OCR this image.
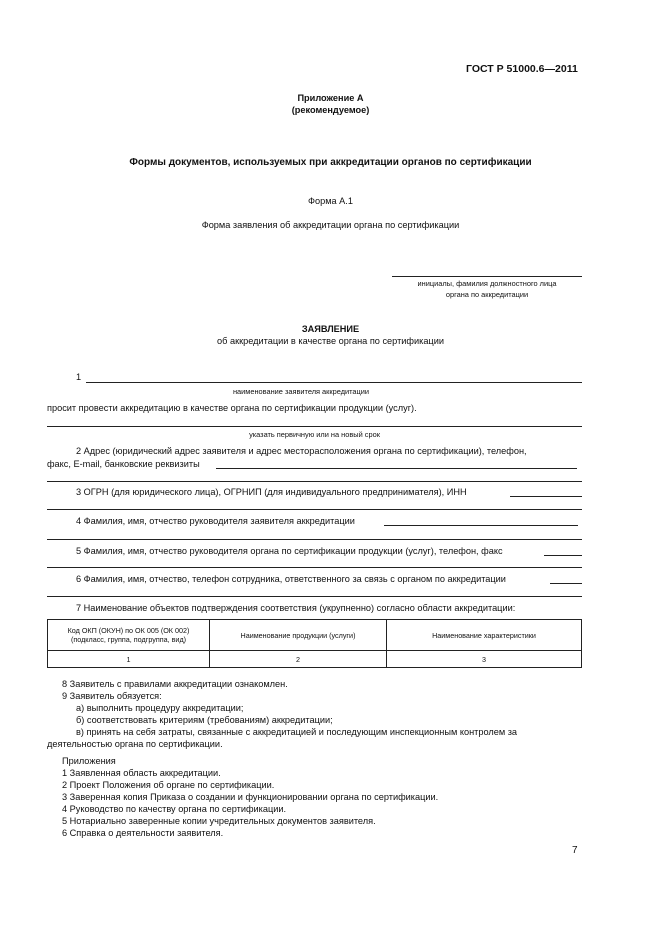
ГОСТ Р 51000.6—2011
Приложение А
(рекомендуемое)
Формы документов, используемых при аккредитации органов по сертификации
Форма А.1
Форма заявления об аккредитации органа по сертификации
инициалы, фамилия должностного лица
органа по аккредитации
ЗАЯВЛЕНИЕ
об аккредитации в качестве органа по сертификации
1
наименование заявителя аккредитации
просит провести аккредитацию в качестве органа по сертификации продукции (услуг).
указать первичную или на новый срок
2 Адрес (юридический адрес заявителя и адрес месторасположения органа по сертификации), телефон,
факс, E-mail, банковские реквизиты
3 ОГРН (для юридического лица), ОГРНИП (для индивидуального предпринимателя), ИНН
4 Фамилия, имя, отчество руководителя заявителя аккредитации
5 Фамилия, имя, отчество руководителя органа по сертификации продукции (услуг), телефон, факс
6 Фамилия, имя, отчество, телефон сотрудника, ответственного за связь с органом по аккредитации
7 Наименование объектов подтверждения соответствия (укрупненно) согласно области аккредитации:
Код ОКП (ОКУН) по ОК 005 (ОК 002) (подкласс, группа, подгруппа, вид)	Наименование продукции (услуги)	Наименование характеристики
1	2	3
8 Заявитель с правилами аккредитации ознакомлен.
9 Заявитель обязуется:
а) выполнить процедуру аккредитации;
б) соответствовать критериям (требованиям) аккредитации;
в) принять на себя затраты, связанные с аккредитацией и последующим инспекционным контролем за
деятельностью органа по сертификации.
Приложения
1 Заявленная область аккредитации.
2 Проект Положения об органе по сертификации.
3 Заверенная копия Приказа о создании и функционировании органа по сертификации.
4 Руководство по качеству органа по сертификации.
5 Нотариально заверенные копии учредительных документов заявителя.
6 Справка о деятельности заявителя.
7
